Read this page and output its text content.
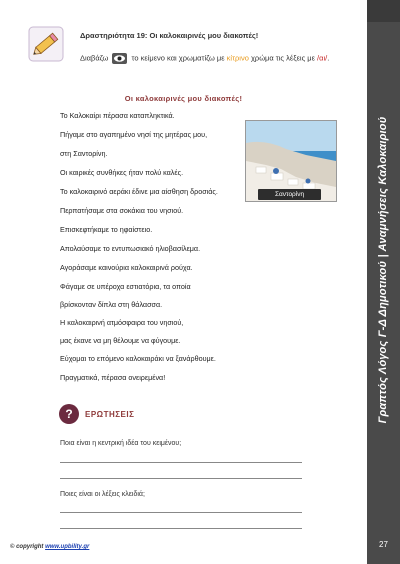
Γραπτός Λόγος Γ-Δ Δημοτικού | Αναμνήσεις Καλοκαιριού
27
Δραστηριότητα 19: Οι καλοκαιρινές μου διακοπές!
Διαβάζω	το κείμενο και χρωματίζω με κίτρινο χρώμα τις λέξεις με /αι/.
Οι καλοκαιρινές μου διακοπές!
Το Καλοκαίρι πέρασα καταπληκτικά.
Πήγαμε στο αγαπημένο νησί της μητέρας μου,
στη Σαντορίνη.
Οι καιρικές συνθήκες ήταν πολύ καλές.
Το καλοκαιρινό αεράκι έδινε μια αίσθηση δροσιάς.
Περπατήσαμε στα σοκάκια του νησιού.
Επισκεφτήκαμε το ηφαίστειο.
Απολαύσαμε το εντυπωσιακό ηλιοβασίλεμα.
Αγοράσαμε καινούρια καλοκαιρινά ρούχα.
Φάγαμε σε υπέροχα εστιατόρια, τα οποία
βρίσκονταν δίπλα στη θάλασσα.
Η καλοκαιρινή ατμόσφαιρα του νησιού,
μας έκανε να μη θέλουμε να φύγουμε.
Εύχομαι το επόμενο καλοκαιράκι να ξανάρθουμε.
Πραγματικά, πέρασα ονειρεμένα!
Σαντορίνη
?	ΕΡΩΤΗΣΕΙΣ
Ποια είναι η κεντρική ιδέα του κειμένου;
Ποιες είναι οι λέξεις κλειδιά;
© copyright www.upbility.gr
